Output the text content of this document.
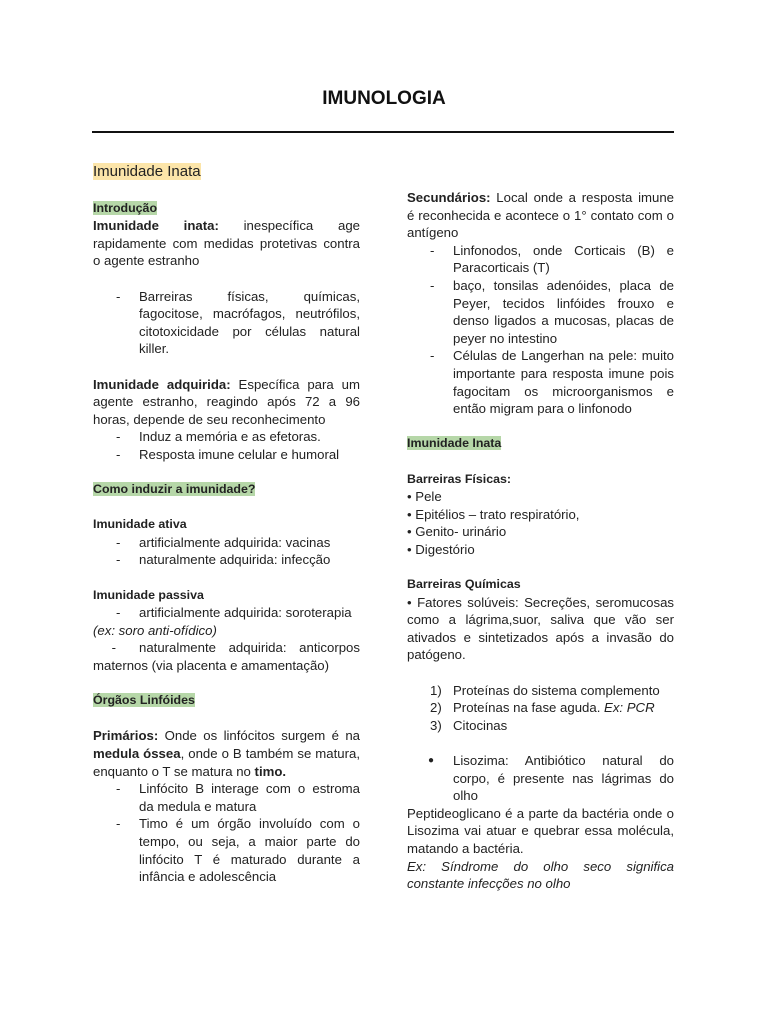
IMUNOLOGIA

Imunidade Inata

Introdução

Imunidade inata: inespecífica age rapidamente com medidas protetivas contra o agente estranho

- Barreiras físicas, químicas, fagocitose, macrófagos, neutrófilos, citotoxicidade por células natural killer.

Imunidade adquirida: Específica para um agente estranho, reagindo após 72 a 96 horas, depende de seu reconhecimento

- Induz a memória e as efetoras.
- Resposta imune celular e humoral

Como induzir a imunidade?

Imunidade ativa

- artificialmente adquirida: vacinas
- naturalmente adquirida: infecção

Imunidade passiva

- artificialmente adquirida: soroterapia

(ex: soro anti-ofídico)

- naturalmente adquirida: anticorpos maternos (via placenta e amamentação)

Órgãos Linfóides

Primários: Onde os linfócitos surgem é na medula óssea, onde o B também se matura, enquanto o T se matura no timo.

- Linfócito B interage com o estroma da medula e matura
- Timo é um órgão involuído com o tempo, ou seja, a maior parte do linfócito T é maturado durante a infância e adolescência

Secundários: Local onde a resposta imune é reconhecida e acontece o 1° contato com o antígeno

- Linfonodos, onde Corticais (B) e Paracorticais (T)
- baço, tonsilas adenóides, placa de Peyer, tecidos linfóides frouxo e denso ligados a mucosas, placas de peyer no intestino
- Células de Langerhan na pele: muito importante para resposta imune pois fagocitam os microorganismos e então migram para o linfonodo

Imunidade Inata

Barreiras Físicas:

• Pele

• Epitélios – trato respiratório,

• Genito- urinário

• Digestório

Barreiras Químicas

• Fatores solúveis: Secreções, seromucosas como a lágrima,suor, saliva que vão ser ativados e sintetizados após a invasão do patógeno.

1) Proteínas do sistema complemento
2) Proteínas na fase aguda. Ex: PCR
3) Citocinas
● Lisozima: Antibiótico natural do corpo, é presente nas lágrimas do olho

Peptideoglicano é a parte da bactéria onde o Lisozima vai atuar e quebrar essa molécula, matando a bactéria.

Ex: Síndrome do olho seco significa constante infecções no olho
